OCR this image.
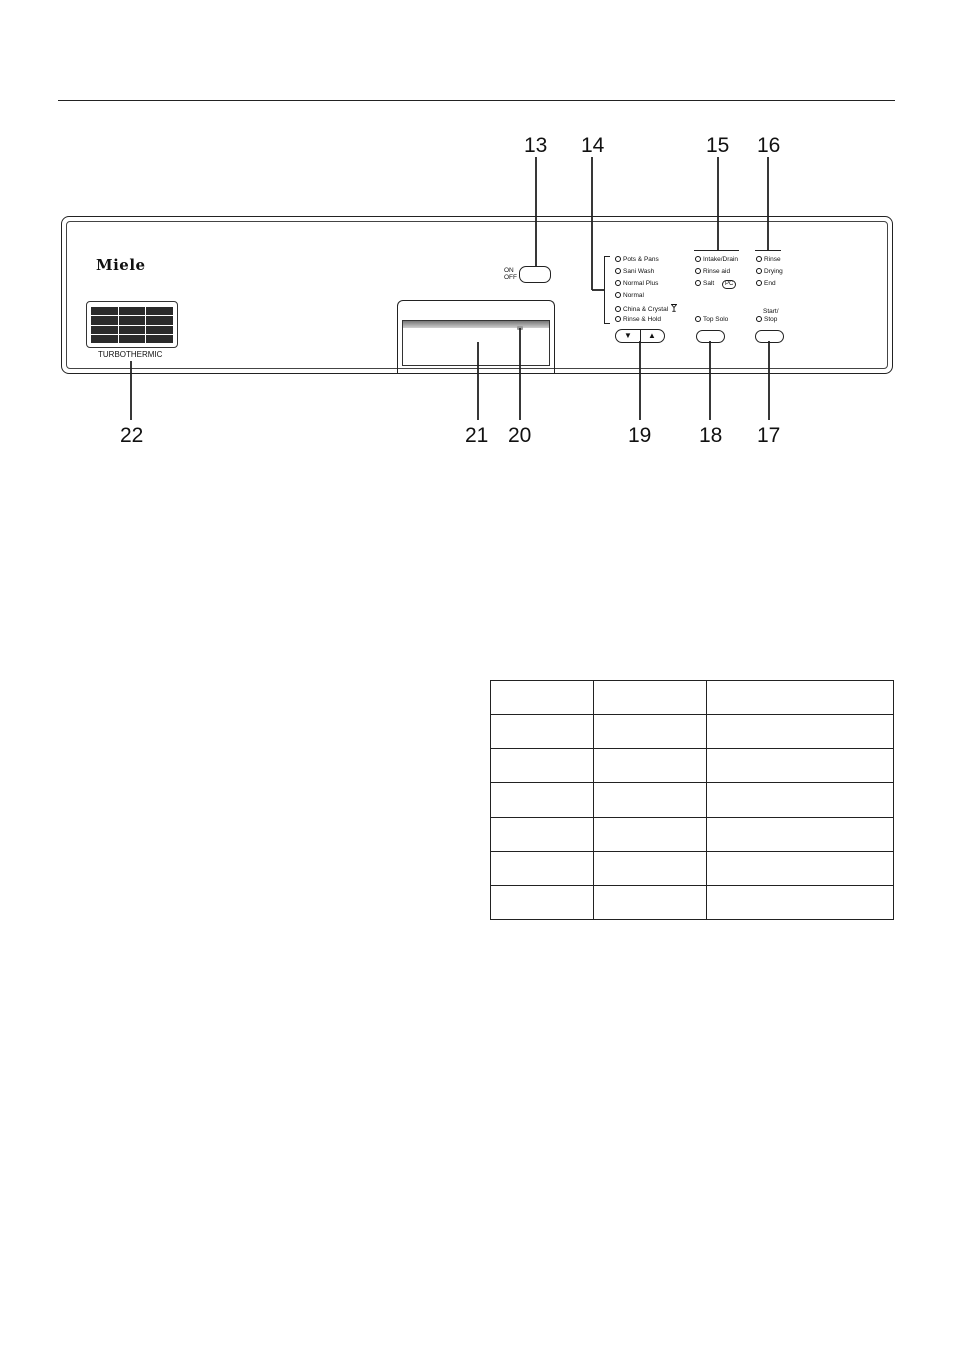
13 14	15 16
22	21 20	19 18 17
Miele
TURBOTHERMIC
ON
OFF
Pots & Pans
Sani Wash
Normal Plus
Normal
China & Crystal
Rinse & Hold
▼ ▲
Intake/Drain
Rinse aid
Salt PC
Top Solo
Rinse
Drying
End
Start/
Stop
